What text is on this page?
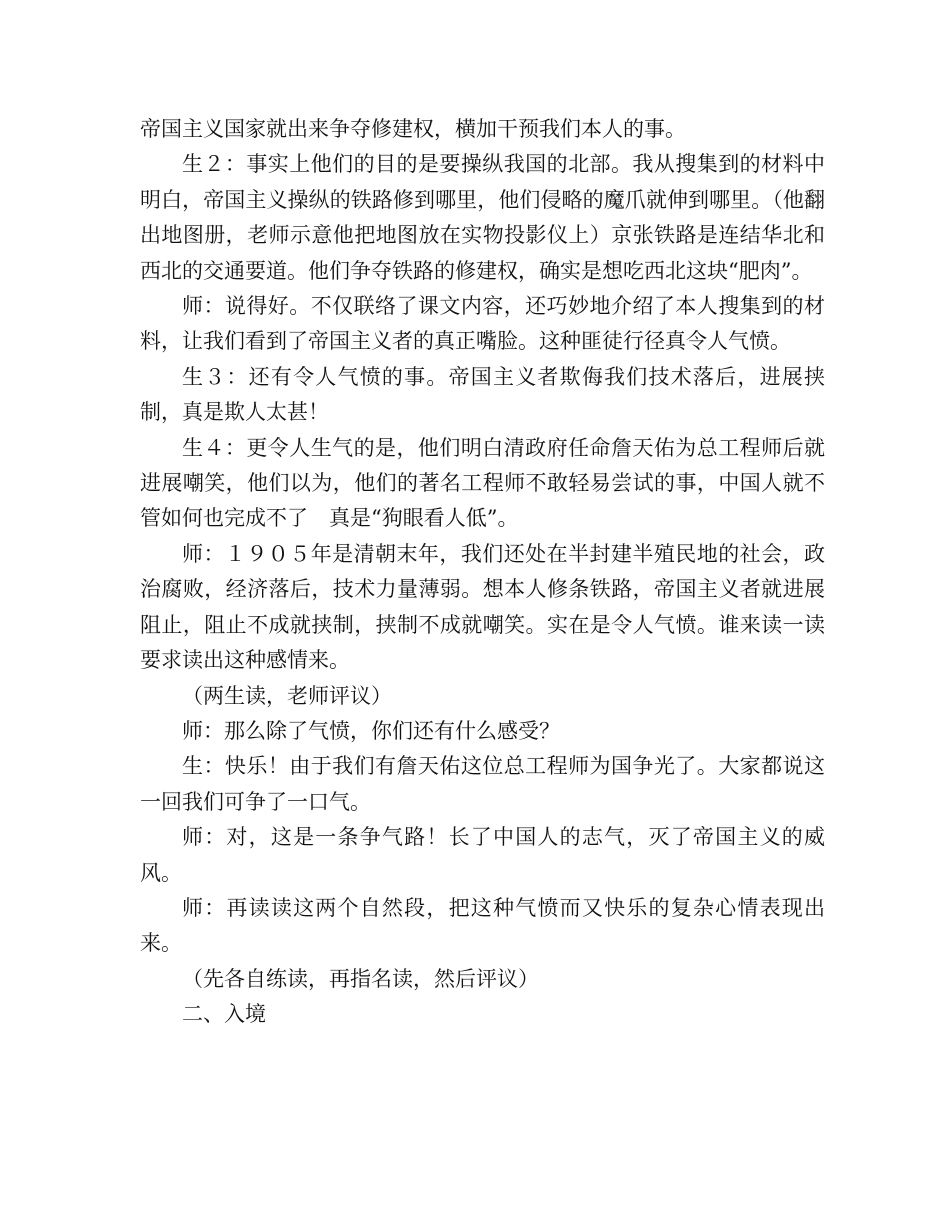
帝国主义国家就出来争夺修建权，横加干预我们本人的事。

生２：事实上他们的目的是要操纵我国的北部。我从搜集到的材料中明白，帝国主义操纵的铁路修到哪里，他们侵略的魔爪就伸到哪里。（他翻出地图册，老师示意他把地图放在实物投影仪上）京张铁路是连结华北和西北的交通要道。他们争夺铁路的修建权，确实是想吃西北这块“肥肉”。

师：说得好。不仅联络了课文内容，还巧妙地介绍了本人搜集到的材料，让我们看到了帝国主义者的真正嘴脸。这种匪徒行径真令人气愤。

生３：还有令人气愤的事。帝国主义者欺侮我们技术落后，进展挟制，真是欺人太甚！

生４：更令人生气的是，他们明白清政府任命詹天佑为总工程师后就进展嘲笑，他们以为，他们的著名工程师不敢轻易尝试的事，中国人就不管如何也完成不了　真是“狗眼看人低”。

师：１９０５年是清朝末年，我们还处在半封建半殖民地的社会，政治腐败，经济落后，技术力量薄弱。想本人修条铁路，帝国主义者就进展阻止，阻止不成就挟制，挟制不成就嘲笑。实在是令人气愤。谁来读一读　要求读出这种感情来。

（两生读，老师评议）

师：那么除了气愤，你们还有什么感受？

生：快乐！由于我们有詹天佑这位总工程师为国争光了。大家都说这一回我们可争了一口气。

师：对，这是一条争气路！长了中国人的志气，灭了帝国主义的威风。

师：再读读这两个自然段，把这种气愤而又快乐的复杂心情表现出来。

（先各自练读，再指名读，然后评议）

二、入境
